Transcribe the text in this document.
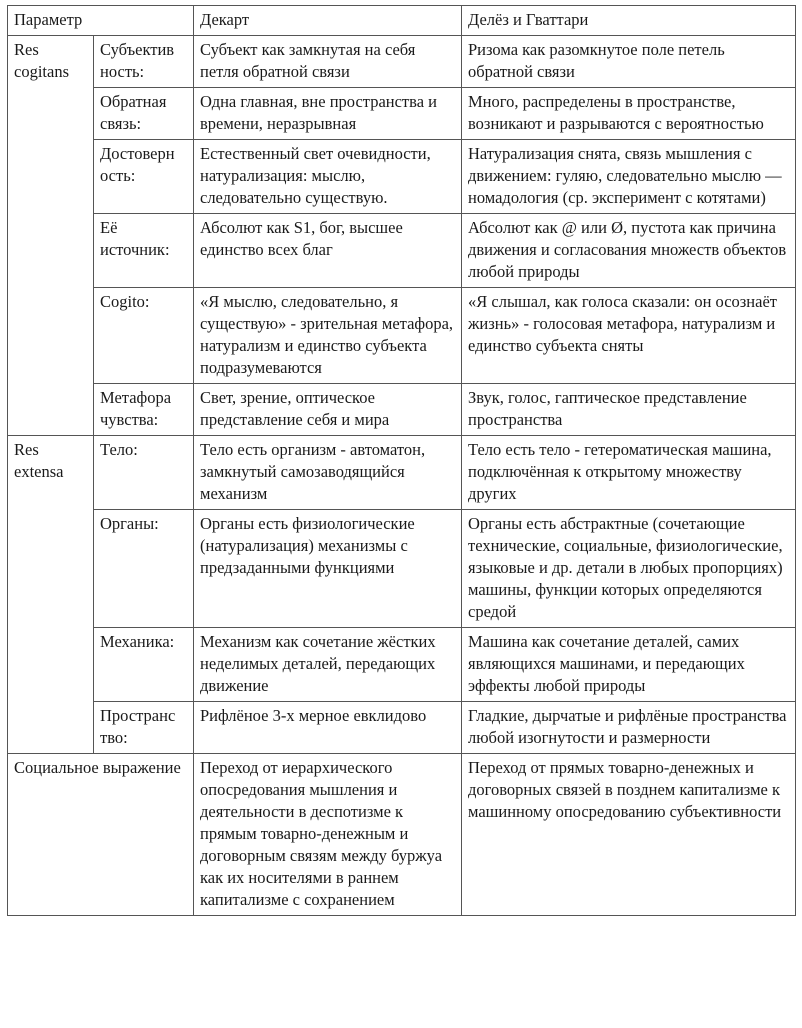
Параметр		Декарт	Делёз и Гваттари
Res cogitans	Субъектив ность:	Субъект как замкнутая на себя петля обратной связи	Ризома как разомкнутое поле петель обратной связи
	Обратная связь:	Одна главная, вне пространства и времени, неразрывная	Много, распределены в пространстве, возникают и разрываются с вероятностью
	Достоверн ость:	Естественный свет очевидности, натурализация: мыслю, следовательно существую.	Натурализация снята, связь мышления с движением: гуляю, следовательно мыслю — номадология (ср. эксперимент с котятами)
	Её источник:	Абсолют как S1, бог, высшее единство всех благ	Абсолют как @ или Ø, пустота как причина движения и согласования множеств объектов любой природы
	Cogito:	«Я мыслю, следовательно, я существую» - зрительная метафора, натурализм и единство субъекта подразумеваются	«Я слышал, как голоса сказали: он осознаёт жизнь» - голосовая метафора, натурализм и единство субъекта сняты
	Метафора чувства:	Свет, зрение, оптическое представление себя и мира	Звук, голос, гаптическое представление пространства
Res extensa	Тело:	Тело есть организм - автоматон, замкнутый самозаводящийся механизм	Тело есть тело - гетероматическая машина, подключённая к открытому множеству других
	Органы:	Органы есть физиологические (натурализация) механизмы с предзаданными функциями	Органы есть абстрактные (сочетающие технические, социальные, физиологические, языковые и др. детали в любых пропорциях) машины, функции которых определяются средой
	Механика:	Механизм как сочетание жёстких неделимых деталей, передающих движение	Машина как сочетание деталей, самих являющихся машинами, и передающих эффекты любой природы
	Пространс тво:	Рифлёное 3-х мерное евклидово	Гладкие, дырчатые и рифлёные пространства любой изогнутости и размерности
Социальное выражение		Переход от иерархического опосредования мышления и деятельности в деспотизме к прямым товарно-денежным и договорным связям между буржуа как их носителями в раннем капитализме с сохранением	Переход от прямых товарно-денежных и договорных связей в позднем капитализме к машинному опосредованию субъективности
